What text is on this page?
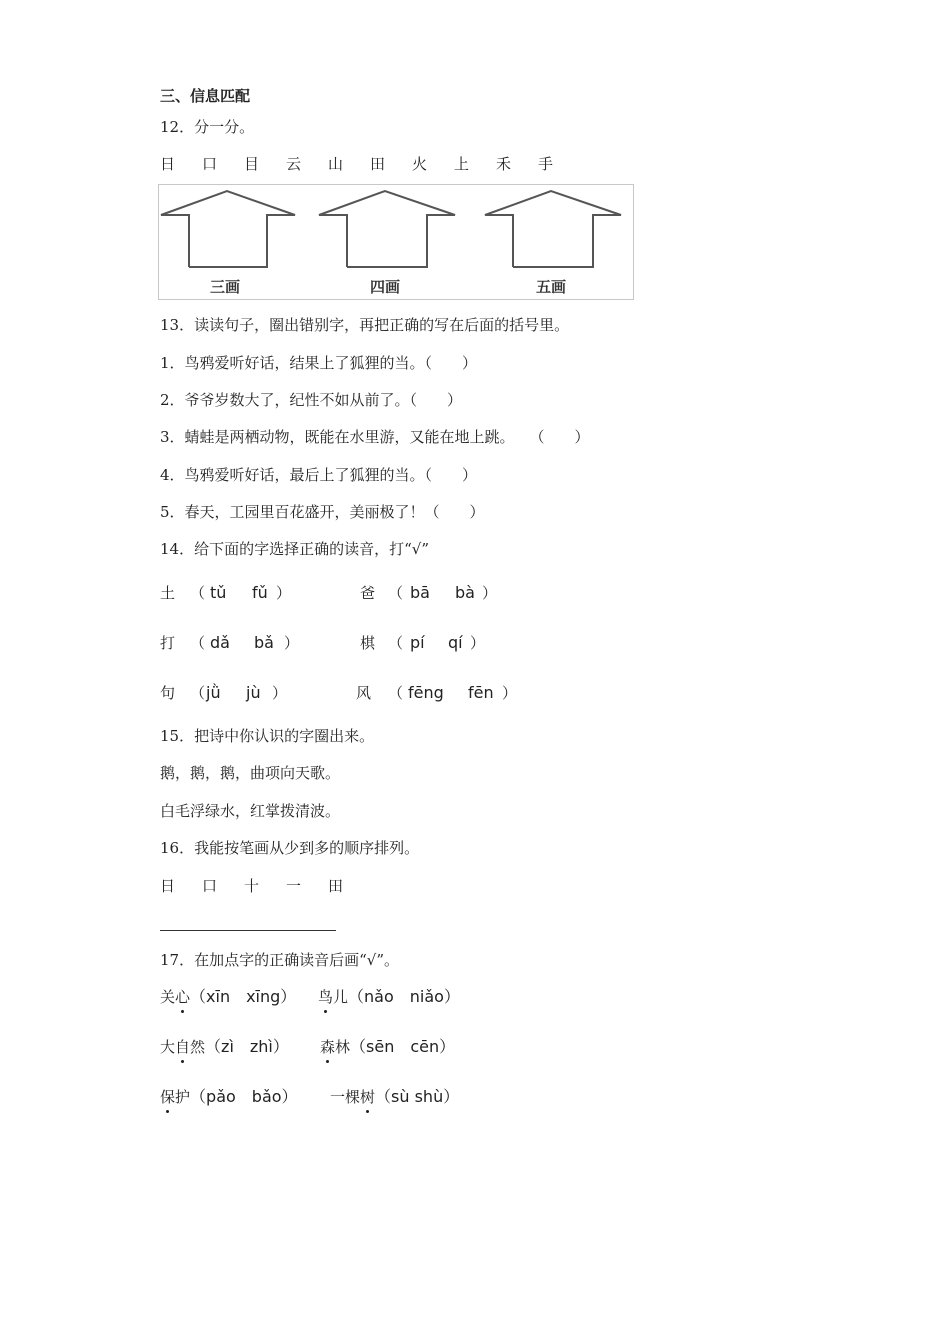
三、信息匹配
12．分一分。
日 口 目 云 山 田 火 上 禾 手
三画	四画	五画
13．读读句子，圈出错别字，再把正确的写在后面的括号里。
1．鸟鸦爱听好话，结果上了狐狸的当。（　　）
2．爷爷岁数大了，纪性不如从前了。（　　）
3．蜻蛙是两栖动物，既能在水里游，又能在地上跳。　　（　　）
4．鸟鸦爱听好话，最后上了狐狸的当。（　　）
5．春天，工园里百花盛开，美丽极了！（　　）
14．给下面的字选择正确的读音，打“√”
土 （ tǔ fǔ ）	爸 （ bā bà ）
打 （ dǎ bǎ ）	棋 （ pí qí ）
句 （ jǜ jù ）	风 （ fēng fēn ）
15．把诗中你认识的字圈出来。
鹅，鹅，鹅，曲项向天歌。
白毛浮绿水，红掌拨清波。
16．我能按笔画从少到多的顺序排列。
日 口 十 一 田
17．在加点字的正确读音后画“√”。
关心（xīn　xīng） 鸟儿（nǎo　niǎo）
大自然（zì　zhì） 森林（sēn　cēn）
保护（pǎo　bǎo） 一棵树（sù shù）
